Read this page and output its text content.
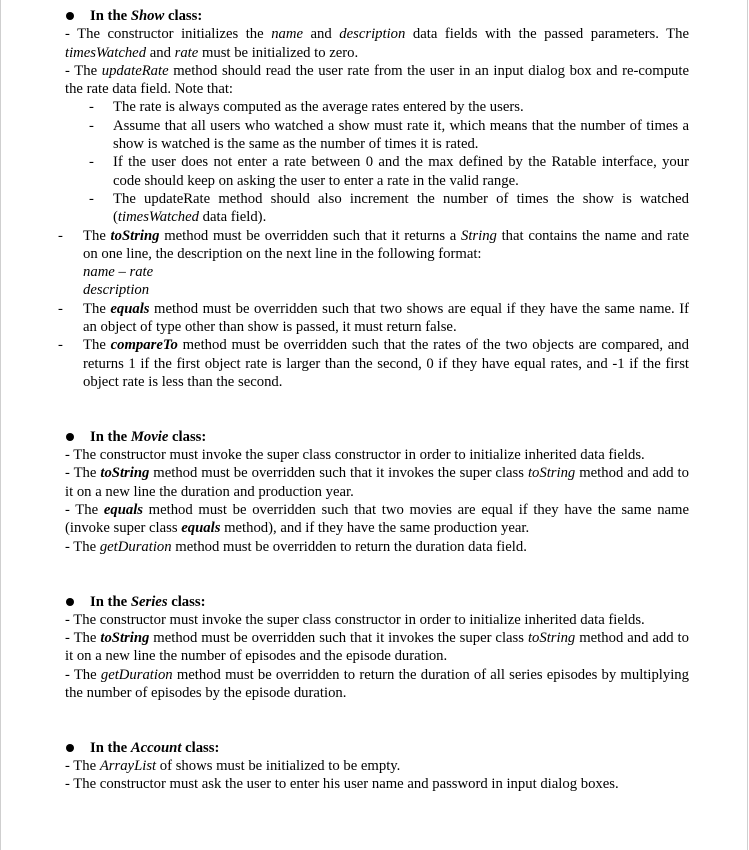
In the Show class:

- The constructor initializes the name and description data fields with the passed parameters. The timesWatched and rate must be initialized to zero.

- The updateRate method should read the user rate from the user in an input dialog box and re-compute the rate data field. Note that:

- The rate is always computed as the average rates entered by the users.

- Assume that all users who watched a show must rate it, which means that the number of times a show is watched is the same as the number of times it is rated.

- If the user does not enter a rate between 0 and the max defined by the Ratable interface, your code should keep on asking the user to enter a rate in the valid range.

- The updateRate method should also increment the number of times the show is watched (timesWatched data field).

- The toString method must be overridden such that it returns a String that contains the name and rate on one line, the description on the next line in the following format:

name – rate

description

- The equals method must be overridden such that two shows are equal if they have the same name. If an object of type other than show is passed, it must return false.

- The compareTo method must be overridden such that the rates of the two objects are compared, and returns 1 if the first object rate is larger than the second, 0 if they have equal rates, and -1 if the first object rate is less than the second.

In the Movie class:

- The constructor must invoke the super class constructor in order to initialize inherited data fields.

- The toString method must be overridden such that it invokes the super class toString method and add to it on a new line the duration and production year.

- The equals method must be overridden such that two movies are equal if they have the same name (invoke super class equals method), and if they have the same production year.

- The getDuration method must be overridden to return the duration data field.

In the Series class:

- The constructor must invoke the super class constructor in order to initialize inherited data fields.

- The toString method must be overridden such that it invokes the super class toString method and add to it on a new line the number of episodes and the episode duration.

- The getDuration method must be overridden to return the duration of all series episodes by multiplying the number of episodes by the episode duration.

In the Account class:

- The ArrayList of shows must be initialized to be empty.

- The constructor must ask the user to enter his user name and password in input dialog boxes.
